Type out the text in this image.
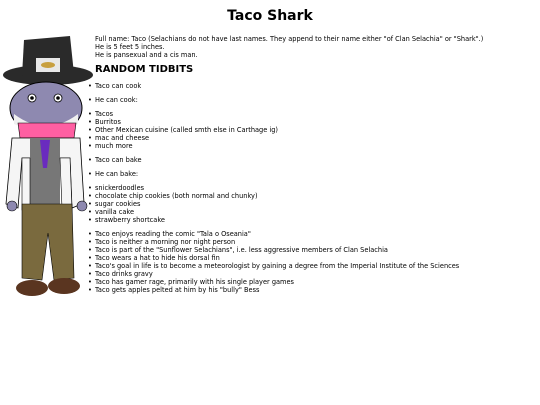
Taco Shark
Full name: Taco (Selachians do not have last names. They append to their name either "of Clan Selachia" or "Shark".)
He is 5 feet 5 inches.
He is pansexual and a cis man.
RANDOM TIDBITS
• Taco can cook
• He can cook:
• Tacos
• Burritos
• Other Mexican cuisine (called smth else in Carthage ig)
• mac and cheese
• much more
• Taco can bake
• He can bake:
• snickerdoodles
• chocolate chip cookies (both normal and chunky)
• sugar cookies
• vanilla cake
• strawberry shortcake
• Taco enjoys reading the comic "Tala o Oseania"
• Taco is neither a morning nor night person
• Taco is part of the "Sunflower Selachians", i.e. less aggressive members of Clan Selachia
• Taco wears a hat to hide his dorsal fin
• Taco's goal in life is to become a meteorologist by gaining a degree from the Imperial Institute of the Sciences
• Taco drinks gravy
• Taco has gamer rage, primarily with his single player games
• Taco gets apples pelted at him by his "bully" Bess
